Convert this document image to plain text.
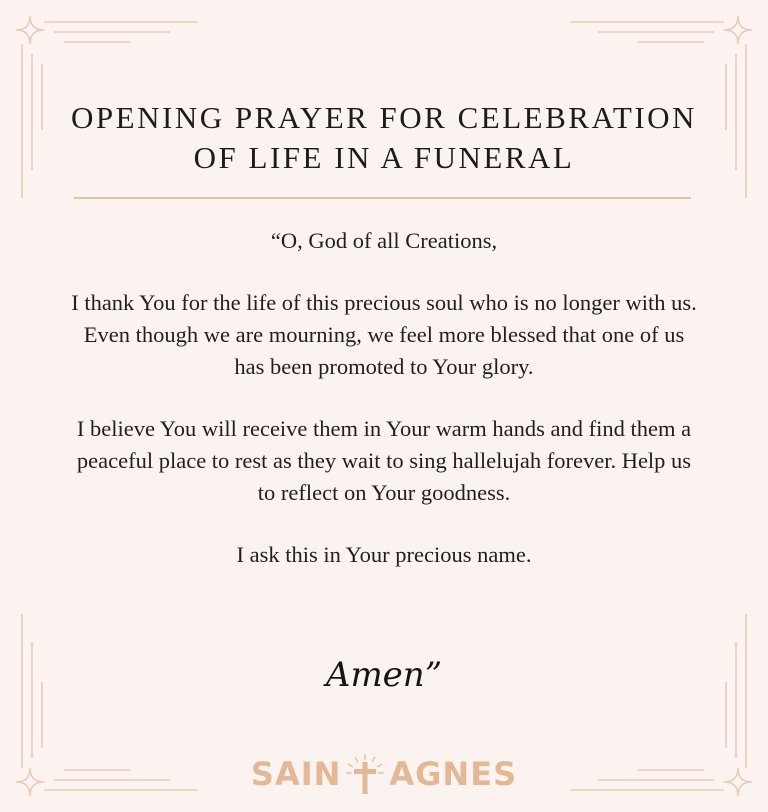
OPENING PRAYER FOR CELEBRATION
OF LIFE IN A FUNERAL

“O, God of all Creations,

I thank You for the life of this precious soul who is no longer with us. Even though we are mourning, we feel more blessed that one of us has been promoted to Your glory.

I believe You will receive them in Your warm hands and find them a peaceful place to rest as they wait to sing hallelujah forever. Help us to reflect on Your goodness.

I ask this in Your precious name.

Amen”
SAIN AGNES
